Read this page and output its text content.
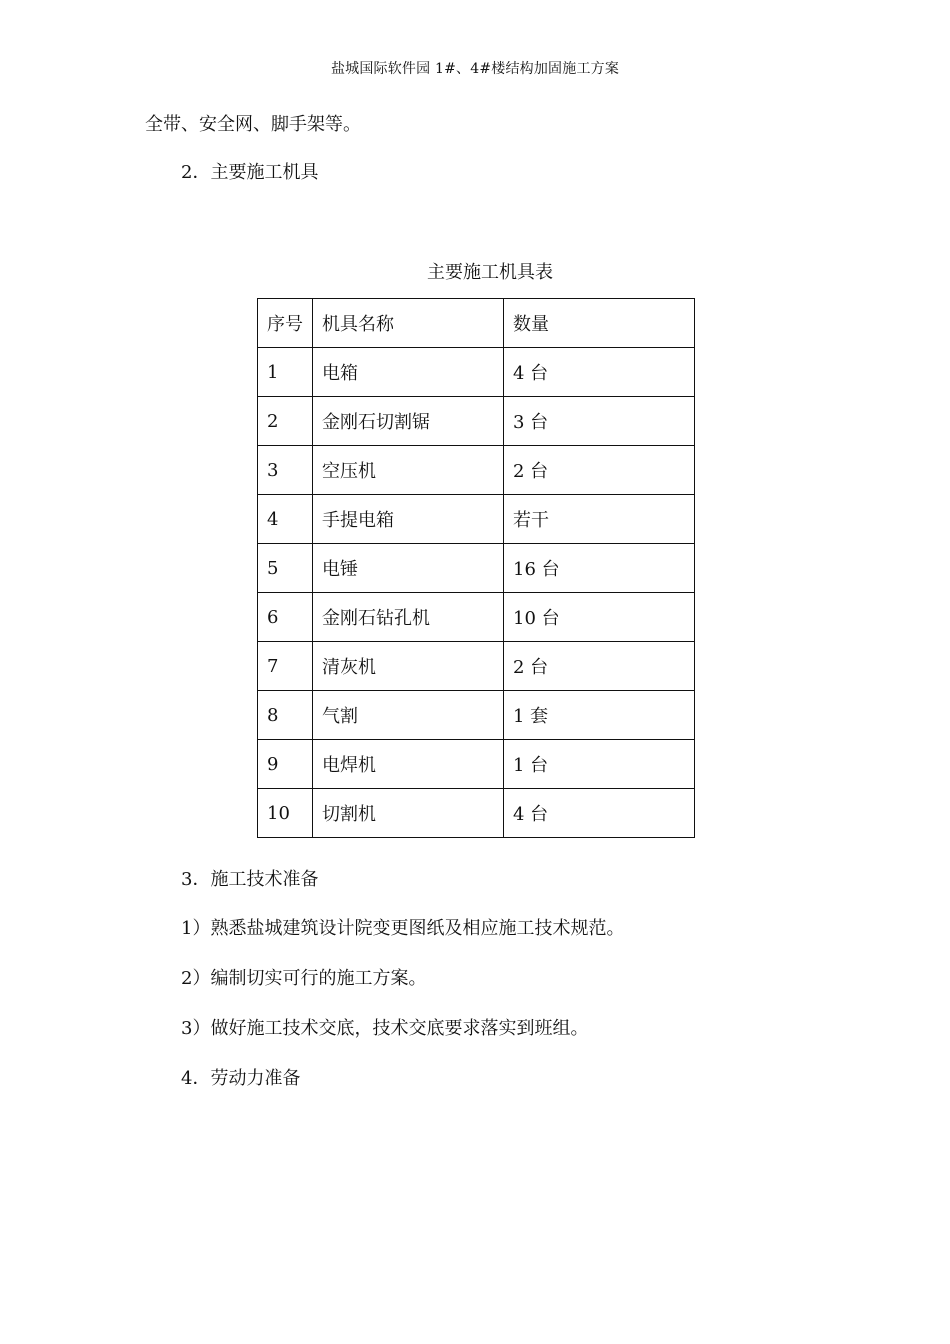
盐城国际软件园 1#、4#楼结构加固施工方案
全带、安全网、脚手架等。
2．主要施工机具
主要施工机具表
序号	机具名称	数量
1	电箱	4 台
2	金刚石切割锯	3 台
3	空压机	2 台
4	手提电箱	若干
5	电锤	16 台
6	金刚石钻孔机	10 台
7	清灰机	2 台
8	气割	1 套
9	电焊机	1 台
10	切割机	4 台
3．施工技术准备
1）熟悉盐城建筑设计院变更图纸及相应施工技术规范。
2）编制切实可行的施工方案。
3）做好施工技术交底，技术交底要求落实到班组。
4．劳动力准备
